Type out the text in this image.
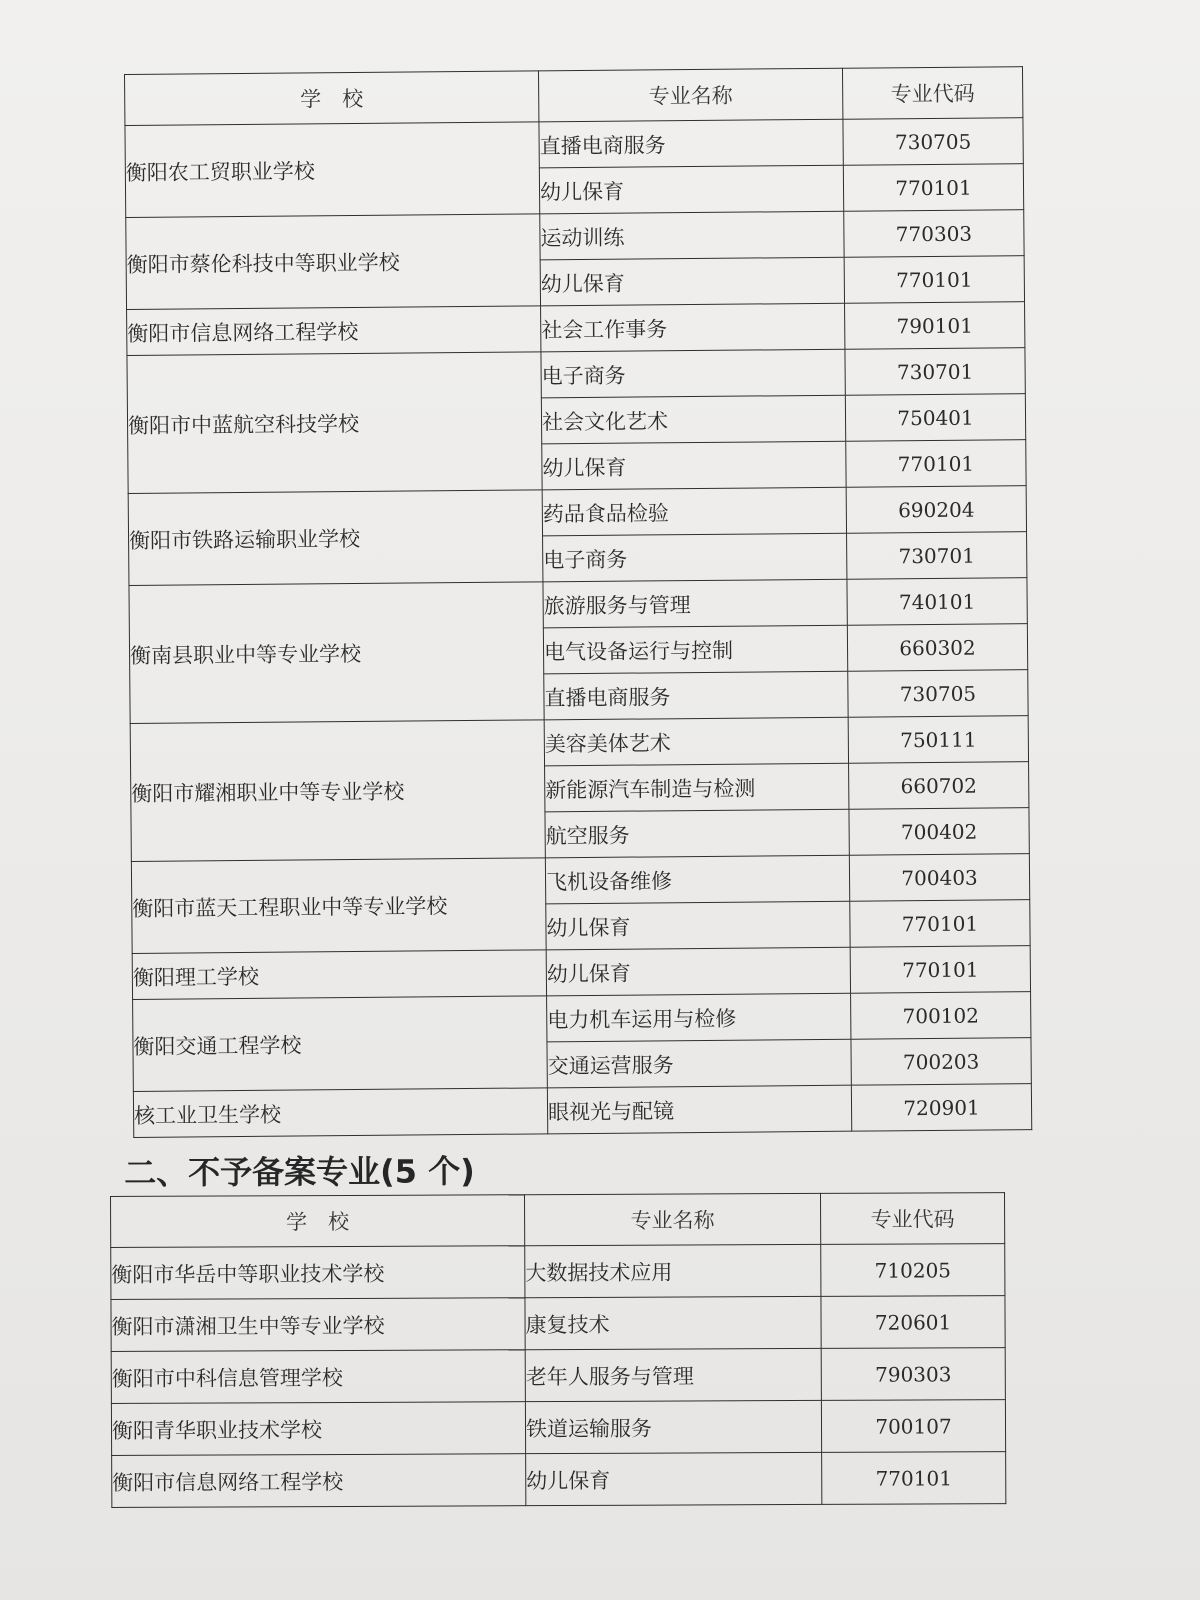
学　校	专业名称	专业代码
衡阳农工贸职业学校	直播电商服务	730705
	幼儿保育	770101
衡阳市蔡伦科技中等职业学校	运动训练	770303
	幼儿保育	770101
衡阳市信息网络工程学校	社会工作事务	790101
衡阳市中蓝航空科技学校	电子商务	730701
	社会文化艺术	750401
	幼儿保育	770101
衡阳市铁路运输职业学校	药品食品检验	690204
	电子商务	730701
衡南县职业中等专业学校	旅游服务与管理	740101
	电气设备运行与控制	660302
	直播电商服务	730705
衡阳市耀湘职业中等专业学校	美容美体艺术	750111
	新能源汽车制造与检测	660702
	航空服务	700402
衡阳市蓝天工程职业中等专业学校	飞机设备维修	700403
	幼儿保育	770101
衡阳理工学校	幼儿保育	770101
衡阳交通工程学校	电力机车运用与检修	700102
	交通运营服务	700203
核工业卫生学校	眼视光与配镜	720901
二、不予备案专业(5 个)
学　校	专业名称	专业代码
衡阳市华岳中等职业技术学校	大数据技术应用	710205
衡阳市潇湘卫生中等专业学校	康复技术	720601
衡阳市中科信息管理学校	老年人服务与管理	790303
衡阳青华职业技术学校	铁道运输服务	700107
衡阳市信息网络工程学校	幼儿保育	770101
